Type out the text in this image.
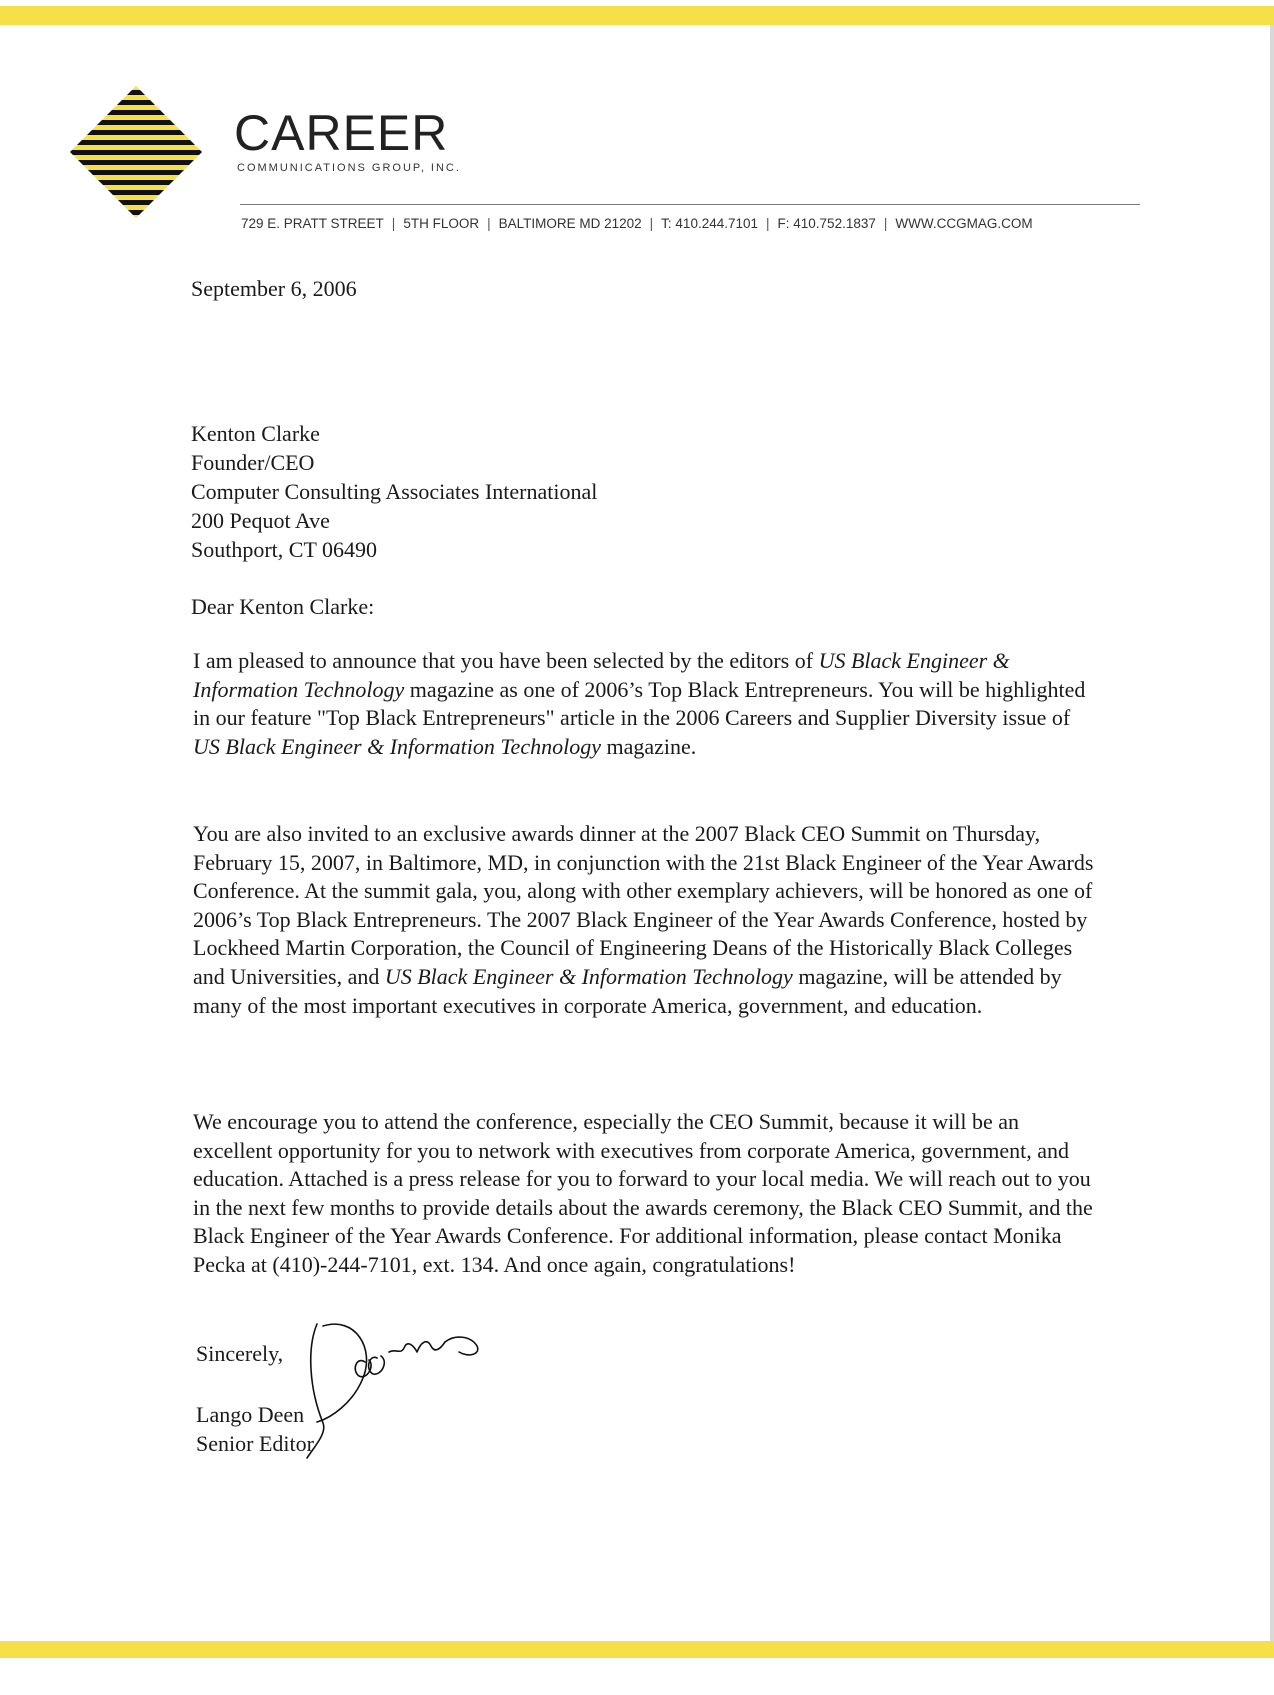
CAREER
COMMUNICATIONS GROUP, INC.
729 E. PRATT STREET | 5TH FLOOR | BALTIMORE MD 21202 | T: 410.244.7101 | F: 410.752.1837 | WWW.CCGMAG.COM
September 6, 2006
Kenton Clarke
Founder/CEO
Computer Consulting Associates International
200 Pequot Ave
Southport, CT 06490
Dear Kenton Clarke:

I am pleased to announce that you have been selected by the editors of US Black Engineer & Information Technology magazine as one of 2006’s Top Black Entrepreneurs. You will be highlighted in our feature "Top Black Entrepreneurs" article in the 2006 Careers and Supplier Diversity issue of US Black Engineer & Information Technology magazine.

You are also invited to an exclusive awards dinner at the 2007 Black CEO Summit on Thursday, February 15, 2007, in Baltimore, MD, in conjunction with the 21st Black Engineer of the Year Awards Conference. At the summit gala, you, along with other exemplary achievers, will be honored as one of 2006’s Top Black Entrepreneurs. The 2007 Black Engineer of the Year Awards Conference, hosted by Lockheed Martin Corporation, the Council of Engineering Deans of the Historically Black Colleges and Universities, and US Black Engineer & Information Technology magazine, will be attended by many of the most important executives in corporate America, government, and education.

We encourage you to attend the conference, especially the CEO Summit, because it will be an excellent opportunity for you to network with executives from corporate America, government, and education. Attached is a press release for you to forward to your local media. We will reach out to you in the next few months to provide details about the awards ceremony, the Black CEO Summit, and the Black Engineer of the Year Awards Conference. For additional information, please contact Monika Pecka at (410)-244-7101, ext. 134. And once again, congratulations!

Sincerely,
Lango Deen
Senior Editor
